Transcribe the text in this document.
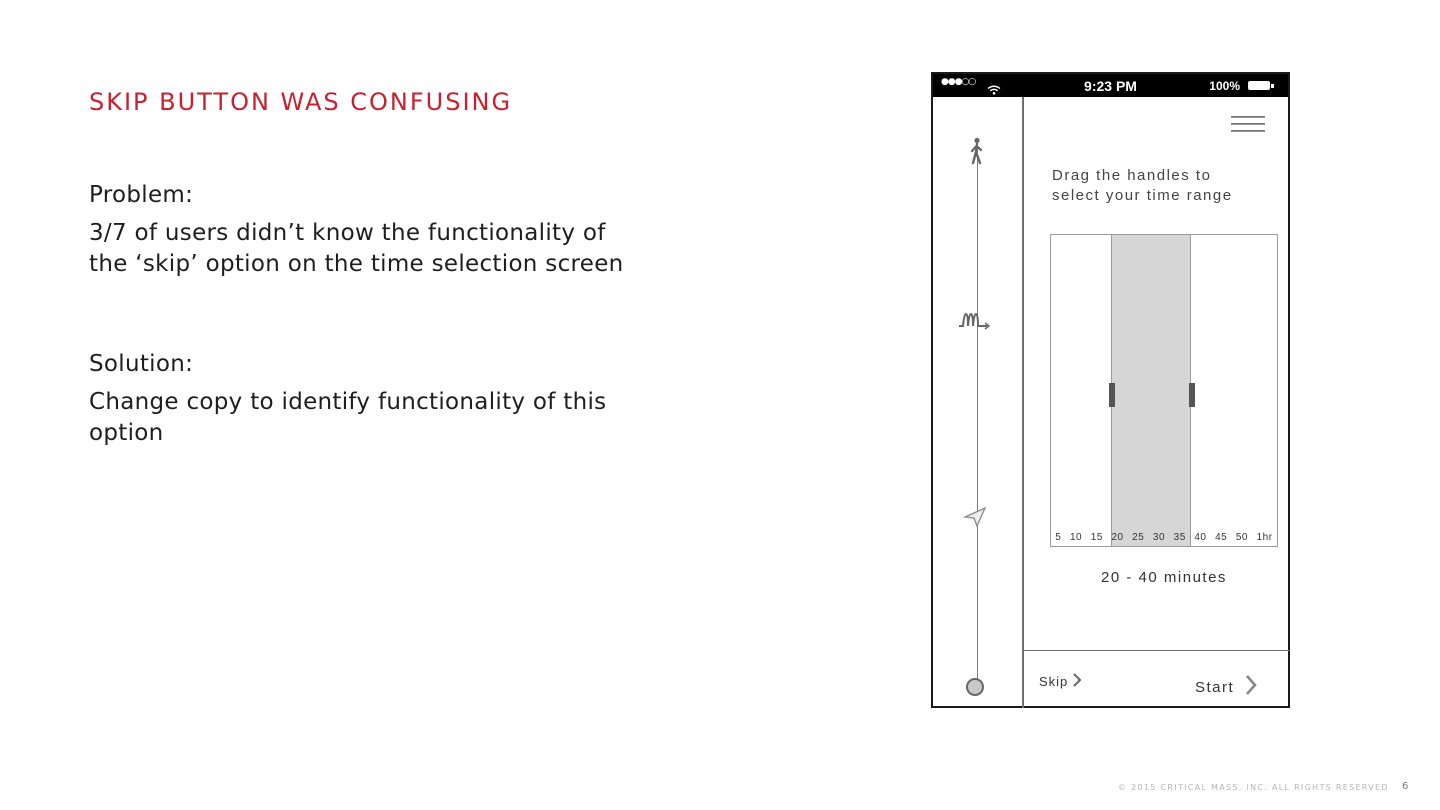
SKIP BUTTON WAS CONFUSING
Problem:
3/7 of users didn’t know the functionality of the ‘skip’ option on the time selection screen
Solution:
Change copy to identify functionality of this option
●●●○○	9:23 PM	100%
Drag the handles to select your time range
5 10 15 20 25 30 35 40 45 50 1hr
20 - 40 minutes
Skip	Start
© 2015 CRITICAL MASS, INC. ALL RIGHTS RESERVED 6
